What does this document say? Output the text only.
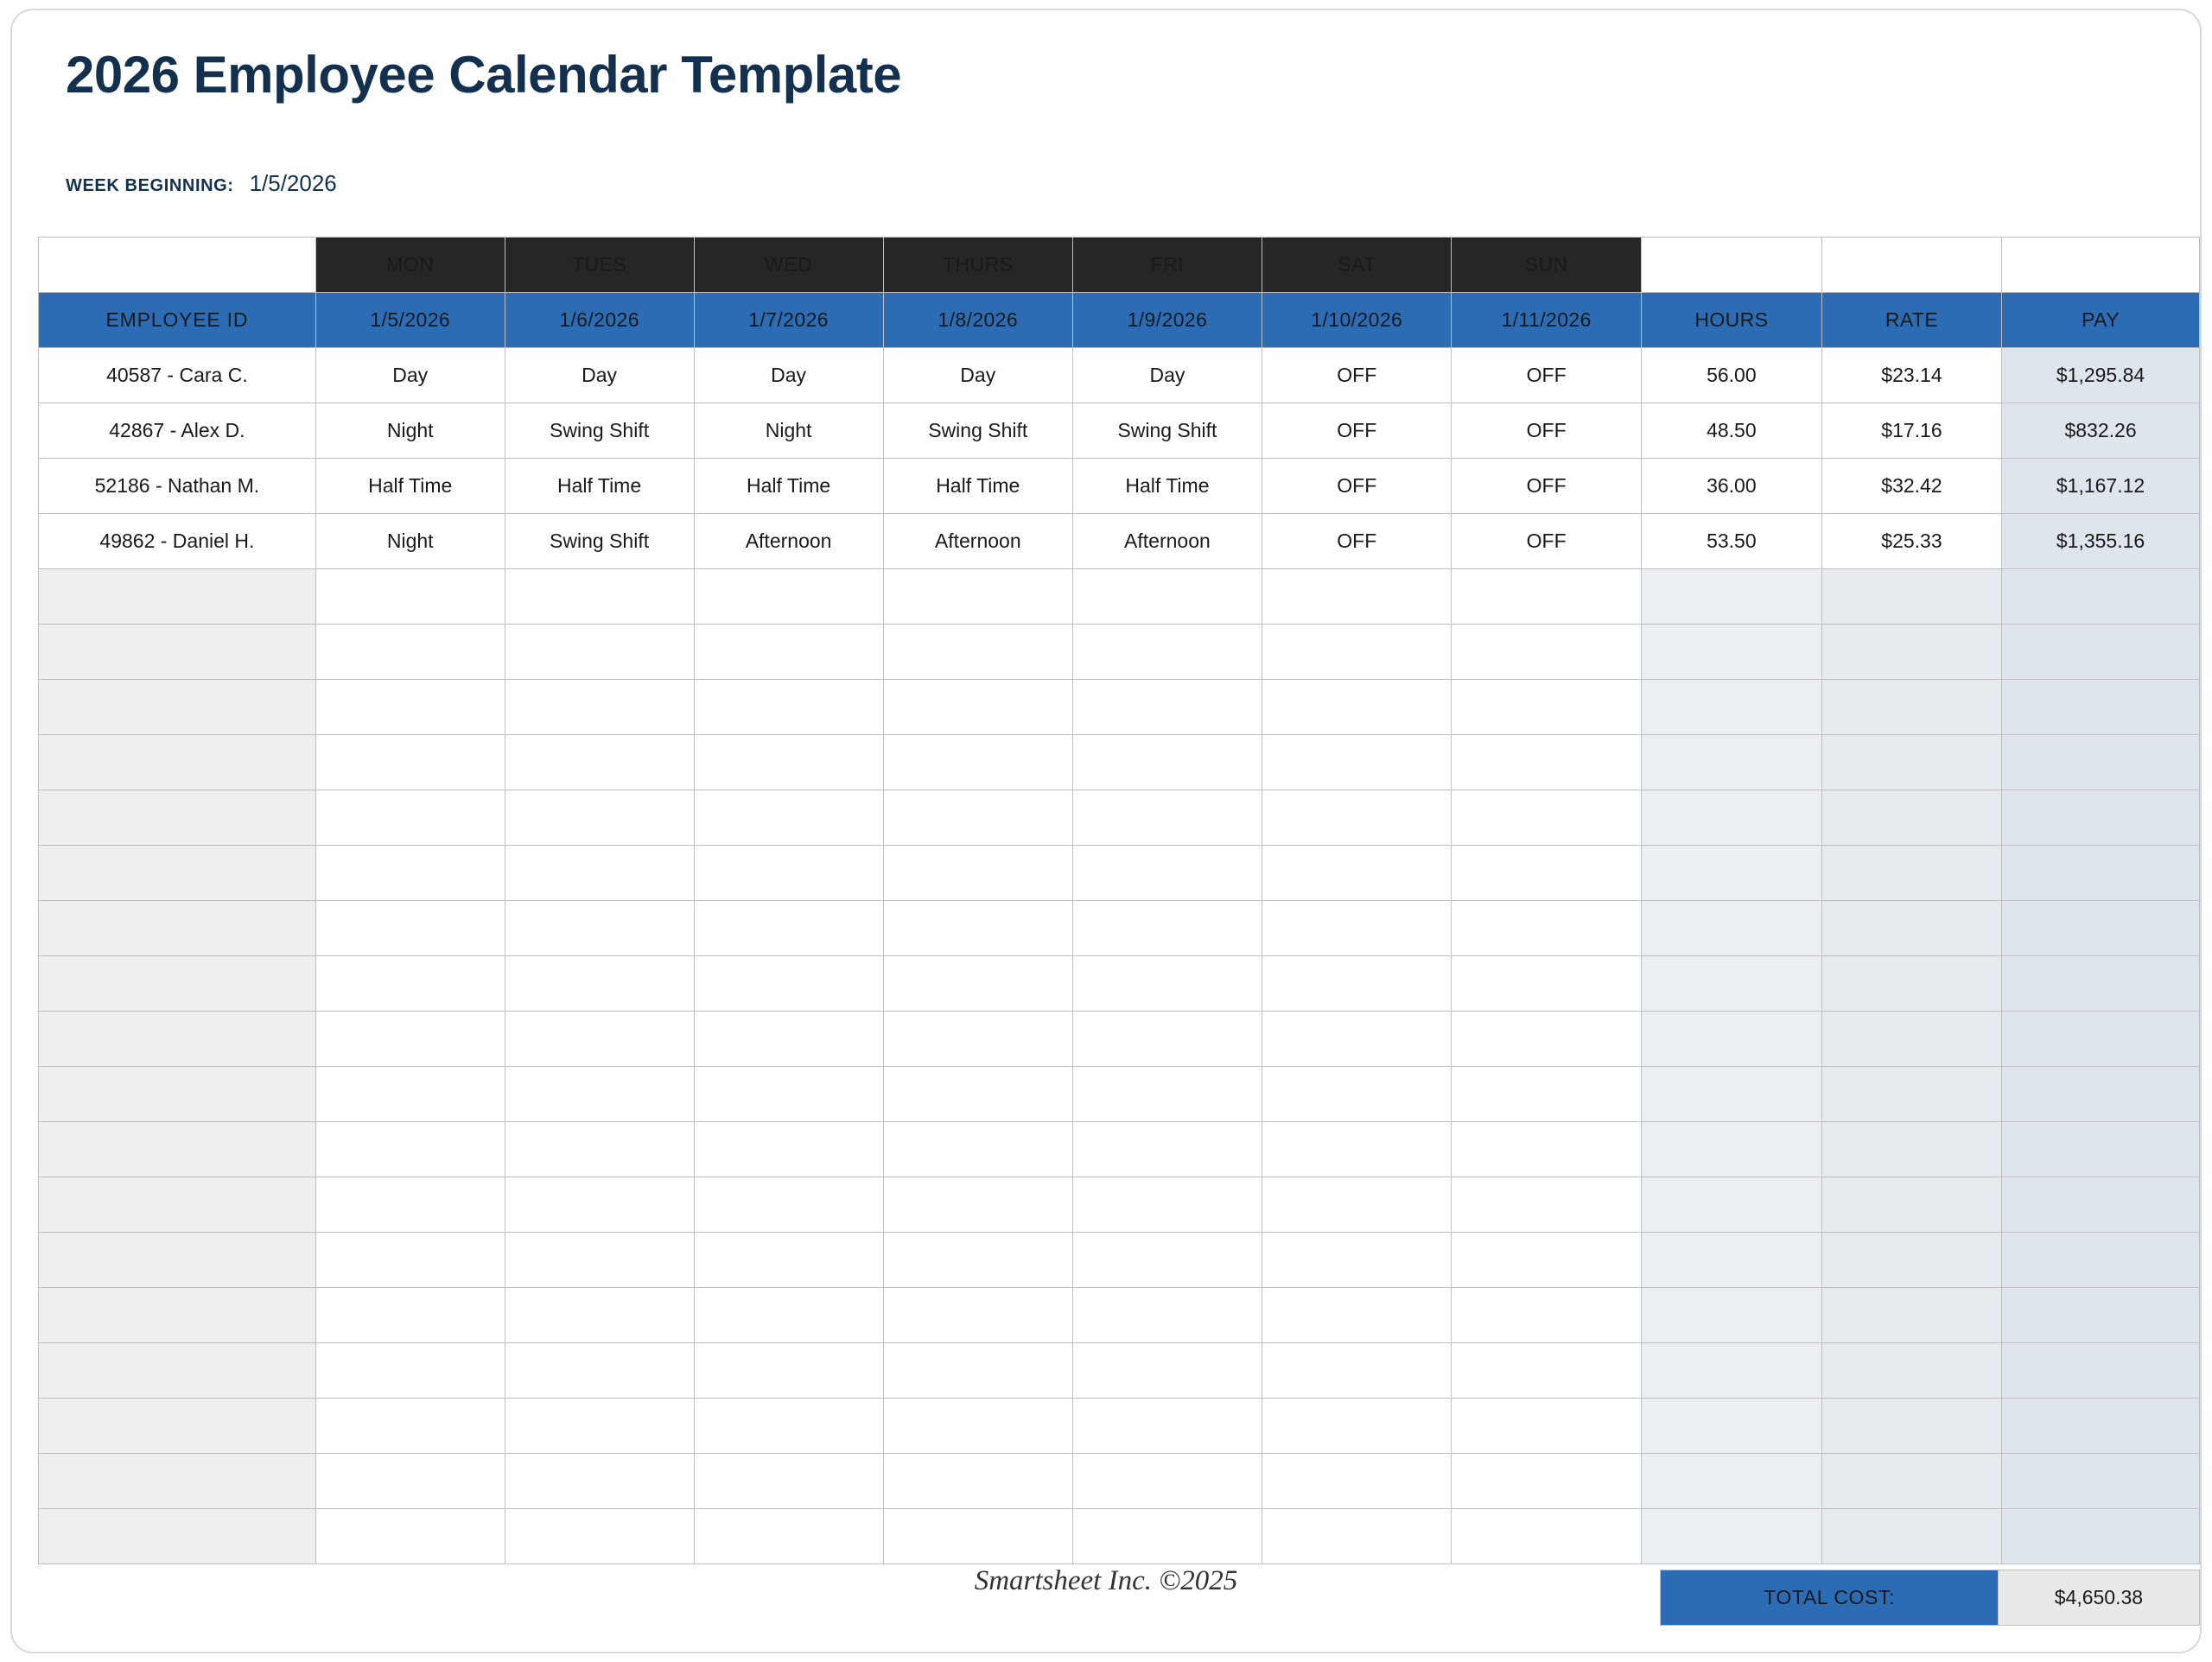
2026 Employee Calendar Template
WEEK BEGINNING: 1/5/2026
	MON	TUES	WED	THURS	FRI	SAT	SUN			
EMPLOYEE ID	1/5/2026	1/6/2026	1/7/2026	1/8/2026	1/9/2026	1/10/2026	1/11/2026	HOURS	RATE	PAY
40587 - Cara C.	Day	Day	Day	Day	Day	OFF	OFF	56.00	$23.14	$1,295.84
42867 - Alex D.	Night	Swing Shift	Night	Swing Shift	Swing Shift	OFF	OFF	48.50	$17.16	$832.26
52186 - Nathan M.	Half Time	Half Time	Half Time	Half Time	Half Time	OFF	OFF	36.00	$32.42	$1,167.12
49862 - Daniel H.	Night	Swing Shift	Afternoon	Afternoon	Afternoon	OFF	OFF	53.50	$25.33	$1,355.16

	TOTAL COST:	$4,650.38
Smartsheet Inc. ©2025
